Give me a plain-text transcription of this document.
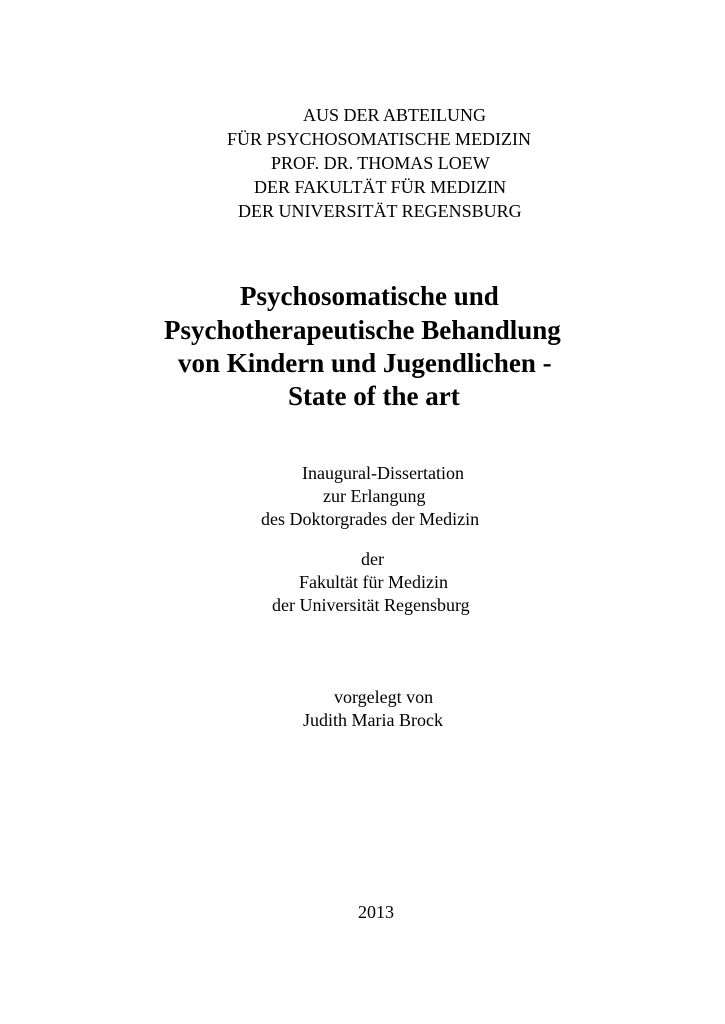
AUS DER ABTEILUNG
FÜR PSYCHOSOMATISCHE MEDIZIN
PROF. DR. THOMAS LOEW
DER FAKULTÄT FÜR MEDIZIN
DER UNIVERSITÄT REGENSBURG
Psychosomatische und
Psychotherapeutische Behandlung
von Kindern und Jugendlichen -
State of the art
Inaugural-Dissertation
zur Erlangung
des Doktorgrades der Medizin
der
Fakultät für Medizin
der Universität Regensburg
vorgelegt von
Judith Maria Brock
2013
